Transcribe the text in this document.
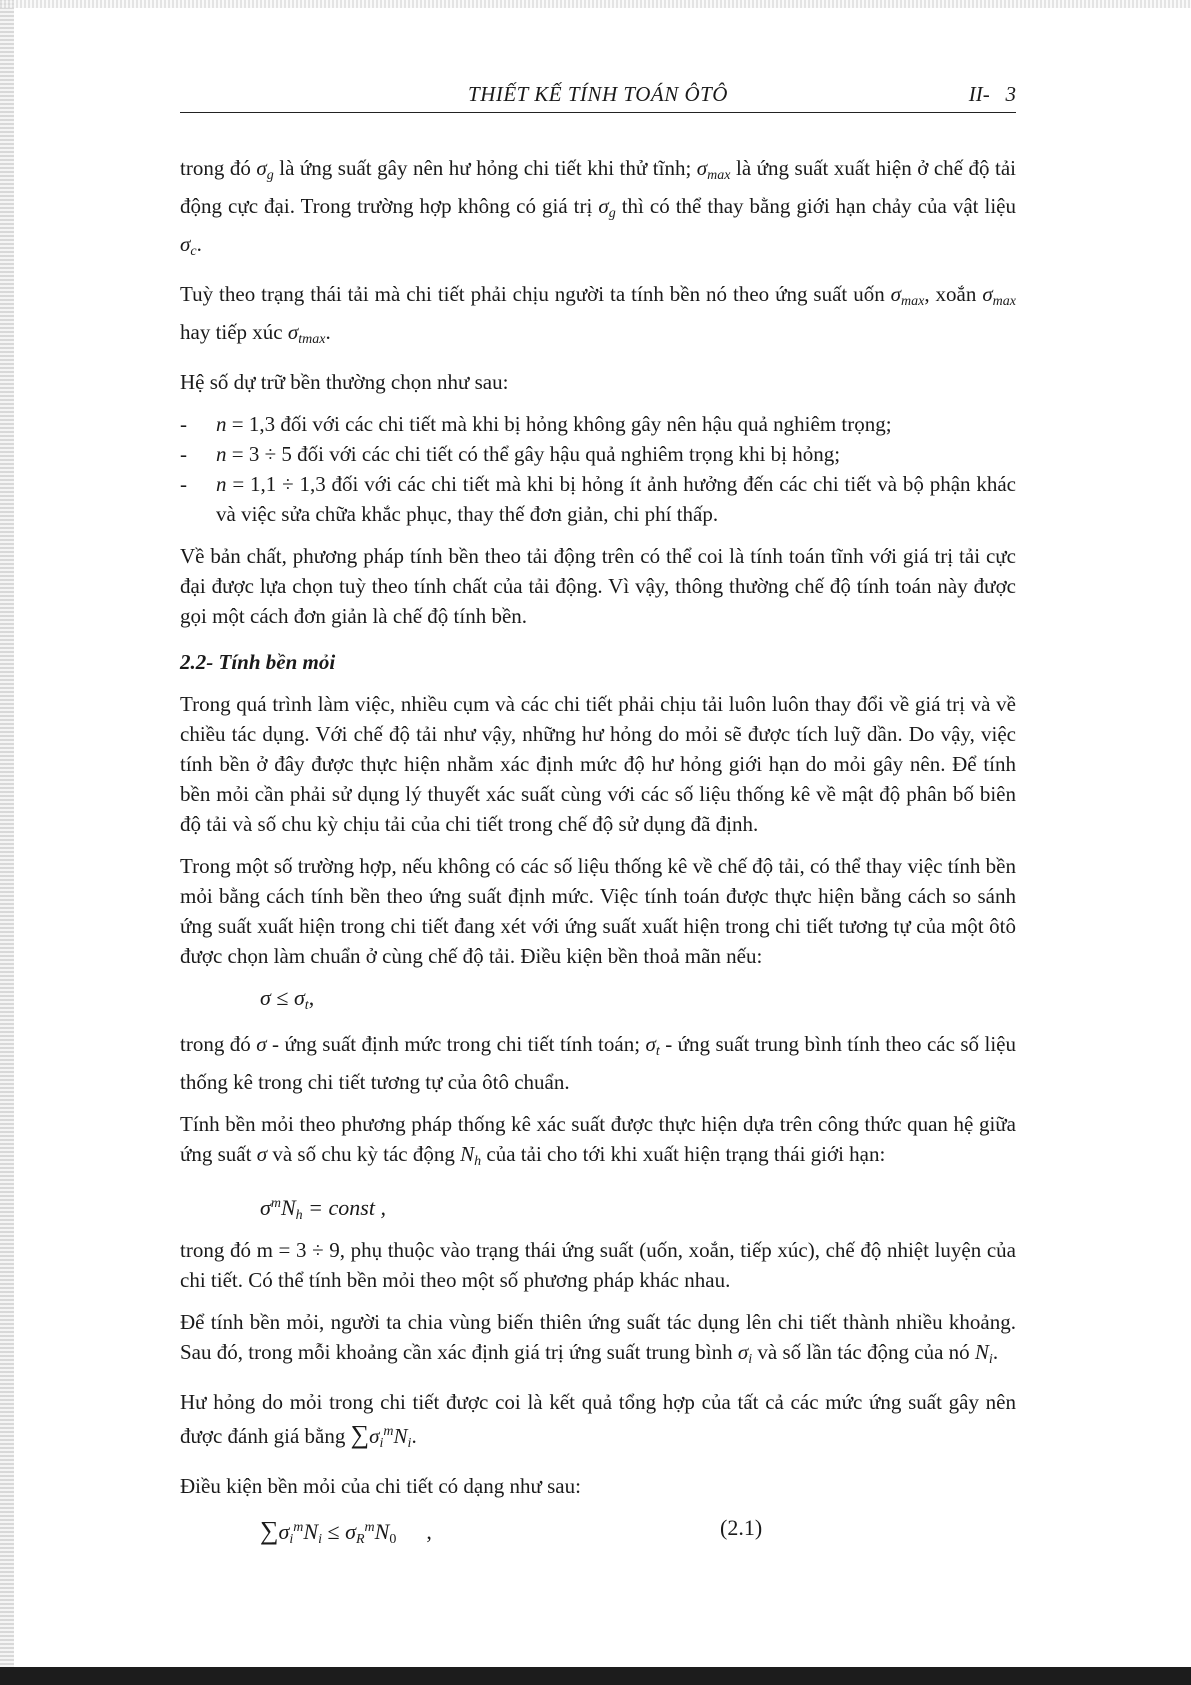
THIẾT KẾ TÍNH TOÁN ÔTÔ	II-   3

trong đó $\sigma_g$ là ứng suất gây nên hư hỏng chi tiết khi thử tĩnh; $\sigma_{max}$ là ứng suất xuất hiện ở chế độ tải động cực đại. Trong trường hợp không có giá trị $\sigma_g$ thì có thể thay bằng giới hạn chảy của vật liệu $\sigma_c$.

Tuỳ theo trạng thái tải mà chi tiết phải chịu người ta tính bền nó theo ứng suất uốn $\sigma_{max}$, xoắn $\sigma_{max}$ hay tiếp xúc $\sigma_{tmax}$.

Hệ số dự trữ bền thường chọn như sau:

- n = 1,3 đối với các chi tiết mà khi bị hỏng không gây nên hậu quả nghiêm trọng;
- n = 3 ÷ 5 đối với các chi tiết có thể gây hậu quả nghiêm trọng khi bị hỏng;
- n = 1,1 ÷ 1,3 đối với các chi tiết mà khi bị hỏng ít ảnh hưởng đến các chi tiết và bộ phận khác và việc sửa chữa khắc phục, thay thế đơn giản, chi phí thấp.

Về bản chất, phương pháp tính bền theo tải động trên có thể coi là tính toán tĩnh với giá trị tải cực đại được lựa chọn tuỳ theo tính chất của tải động. Vì vậy, thông thường chế độ tính toán này được gọi một cách đơn giản là chế độ tính bền.

2.2- Tính bền mỏi

Trong quá trình làm việc, nhiều cụm và các chi tiết phải chịu tải luôn luôn thay đổi về giá trị và về chiều tác dụng. Với chế độ tải như vậy, những hư hỏng do mỏi sẽ được tích luỹ dần. Do vậy, việc tính bền ở đây được thực hiện nhằm xác định mức độ hư hỏng giới hạn do mỏi gây nên. Để tính bền mỏi cần phải sử dụng lý thuyết xác suất cùng với các số liệu thống kê về mật độ phân bố biên độ tải và số chu kỳ chịu tải của chi tiết trong chế độ sử dụng đã định.

Trong một số trường hợp, nếu không có các số liệu thống kê về chế độ tải, có thể thay việc tính bền mỏi bằng cách tính bền theo ứng suất định mức. Việc tính toán được thực hiện bằng cách so sánh ứng suất xuất hiện trong chi tiết đang xét với ứng suất xuất hiện trong chi tiết tương tự của một ôtô được chọn làm chuẩn ở cùng chế độ tải. Điều kiện bền thoả mãn nếu:

$\sigma \le \sigma_t$,

trong đó σ - ứng suất định mức trong chi tiết tính toán; $\sigma_t$ - ứng suất trung bình tính theo các số liệu thống kê trong chi tiết tương tự của ôtô chuẩn.

Tính bền mỏi theo phương pháp thống kê xác suất được thực hiện dựa trên công thức quan hệ giữa ứng suất σ và số chu kỳ tác động $N_h$ của tải cho tới khi xuất hiện trạng thái giới hạn:

$\sigma^mN_h$ = const ,

trong đó m = 3 ÷ 9, phụ thuộc vào trạng thái ứng suất (uốn, xoắn, tiếp xúc), chế độ nhiệt luyện của chi tiết. Có thể tính bền mỏi theo một số phương pháp khác nhau.

Để tính bền mỏi, người ta chia vùng biến thiên ứng suất tác dụng lên chi tiết thành nhiều khoảng. Sau đó, trong mỗi khoảng cần xác định giá trị ứng suất trung bình $\sigma_i$ và số lần tác động của nó $N_i$.

Hư hỏng do mỏi trong chi tiết được coi là kết quả tổng hợp của tất cả các mức ứng suất gây nên được đánh giá bằng $\sum\sigma_i^mN_i$.

Điều kiện bền mỏi của chi tiết có dạng như sau:

$\sum\sigma_i^mN_i \le \sigma_R^mN_0$ ,	(2.1)
